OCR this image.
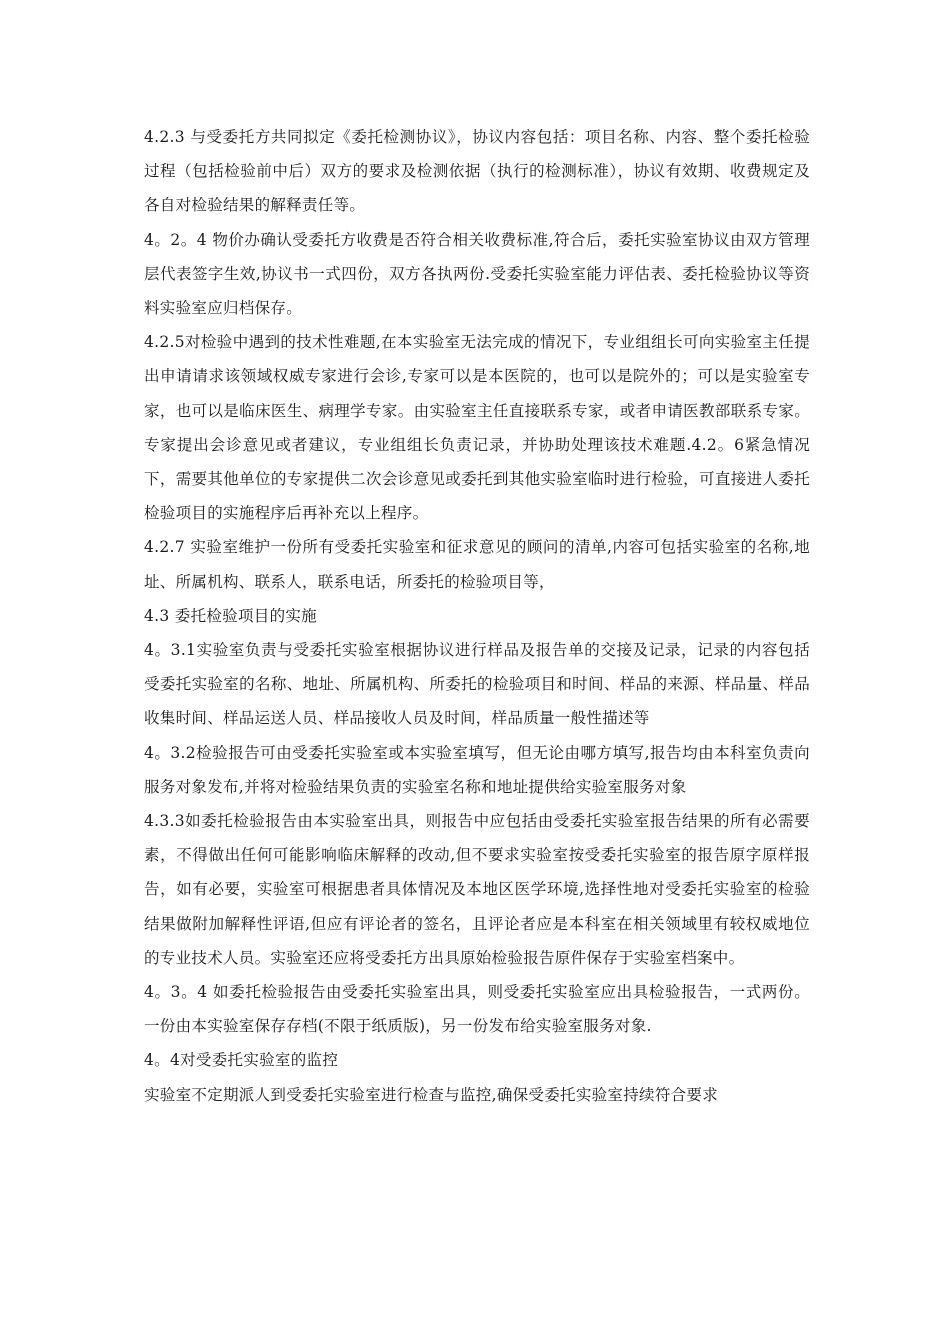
4.2.3 与受委托方共同拟定《委托检测协议》，协议内容包括：项目名称、内容、整个委托检验过程（包括检验前中后）双方的要求及检测依据（执行的检测标准），协议有效期、收费规定及各自对检验结果的解释责任等。

4。2。4 物价办确认受委托方收费是否符合相关收费标准,符合后，委托实验室协议由双方管理层代表签字生效,协议书一式四份，双方各执两份.受委托实验室能力评估表、委托检验协议等资料实验室应归档保存。

4.2.5对检验中遇到的技术性难题,在本实验室无法完成的情况下，专业组组长可向实验室主任提出申请请求该领域权威专家进行会诊,专家可以是本医院的，也可以是院外的；可以是实验室专家，也可以是临床医生、病理学专家。由实验室主任直接联系专家，或者申请医教部联系专家。专家提出会诊意见或者建议，专业组组长负责记录，并协助处理该技术难题.4.2。6紧急情况下，需要其他单位的专家提供二次会诊意见或委托到其他实验室临时进行检验，可直接进人委托检验项目的实施程序后再补充以上程序。

4.2.7 实验室维护一份所有受委托实验室和征求意见的顾问的清单,内容可包括实验室的名称,地址、所属机构、联系人，联系电话，所委托的检验项目等，

4.3 委托检验项目的实施

4。3.1实验室负责与受委托实验室根据协议进行样品及报告单的交接及记录，记录的内容包括受委托实验室的名称、地址、所属机构、所委托的检验项目和时间、样品的来源、样品量、样品收集时间、样品运送人员、样品接收人员及时间，样品质量一般性描述等

4。3.2检验报告可由受委托实验室或本实验室填写，但无论由哪方填写,报告均由本科室负责向服务对象发布,并将对检验结果负责的实验室名称和地址提供给实验室服务对象

4.3.3如委托检验报告由本实验室出具，则报告中应包括由受委托实验室报告结果的所有必需要素，不得做出任何可能影响临床解释的改动,但不要求实验室按受委托实验室的报告原字原样报告，如有必要，实验室可根据患者具体情况及本地区医学环境,选择性地对受委托实验室的检验结果做附加解释性评语,但应有评论者的签名，且评论者应是本科室在相关领域里有较权威地位的专业技术人员。实验室还应将受委托方出具原始检验报告原件保存于实验室档案中。

4。3。4 如委托检验报告由受委托实验室出具，则受委托实验室应出具检验报告，一式两份。一份由本实验室保存存档(不限于纸质版)，另一份发布给实验室服务对象.

4。4对受委托实验室的监控

实验室不定期派人到受委托实验室进行检查与监控,确保受委托实验室持续符合要求
